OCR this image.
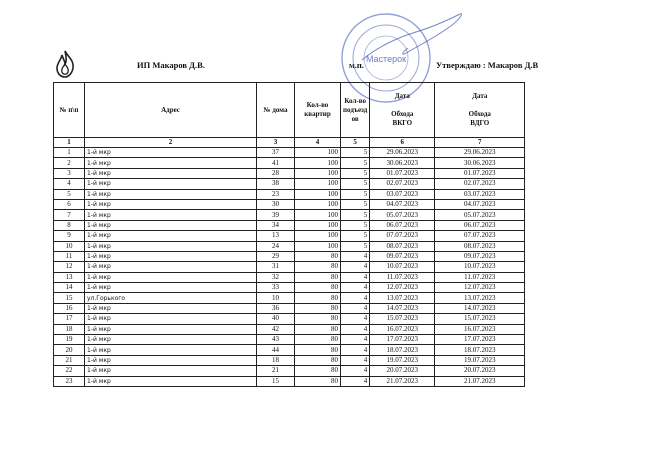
ИП Макаров Д.В.	м.п.	Утверждаю : Макаров Д.В
Мастерок
№ п\п	Адрес	№ дома	Кол-во квартир	Кол-во подъезд ов	Дата
Обхода
ВКГО	Дата
Обхода
ВДГО

1	2	3	4	5	6	7
1	1-й мкр	37	100	5	29.06.2023	29.06.2023
2	1-й мкр	41	100	5	30.06.2023	30.06.2023
3	1-й мкр	28	100	5	01.07.2023	01.07.2023
4	1-й мкр	38	100	5	02.07.2023	02.07.2023
5	1-й мкр	23	100	5	03.07.2023	03.07.2023
6	1-й мкр	30	100	5	04.07.2023	04.07.2023
7	1-й мкр	39	100	5	05.07.2023	05.07.2023
8	1-й мкр	34	100	5	06.07.2023	06.07.2023
9	1-й мкр	13	100	5	07.07.2023	07.07.2023
10	1-й мкр	24	100	5	08.07.2023	08.07.2023
11	1-й мкр	29	80	4	09.07.2023	09.07.2023
12	1-й мкр	31	80	4	10.07.2023	10.07.2023
13	1-й мкр	32	80	4	11.07.2023	11.07.2023
14	1-й мкр	33	80	4	12.07.2023	12.07.2023
15	ул.Горького	10	80	4	13.07.2023	13.07.2023
16	1-й мкр	36	80	4	14.07.2023	14.07.2023
17	1-й мкр	40	80	4	15.07.2023	15.07.2023
18	1-й мкр	42	80	4	16.07.2023	16.07.2023
19	1-й мкр	43	80	4	17.07.2023	17.07.2023
20	1-й мкр	44	80	4	18.07.2023	18.07.2023
21	1-й мкр	18	80	4	19.07.2023	19.07.2023
22	1-й мкр	21	80	4	20.07.2023	20.07.2023
23	1-й мкр	15	80	4	21.07.2023	21.07.2023
